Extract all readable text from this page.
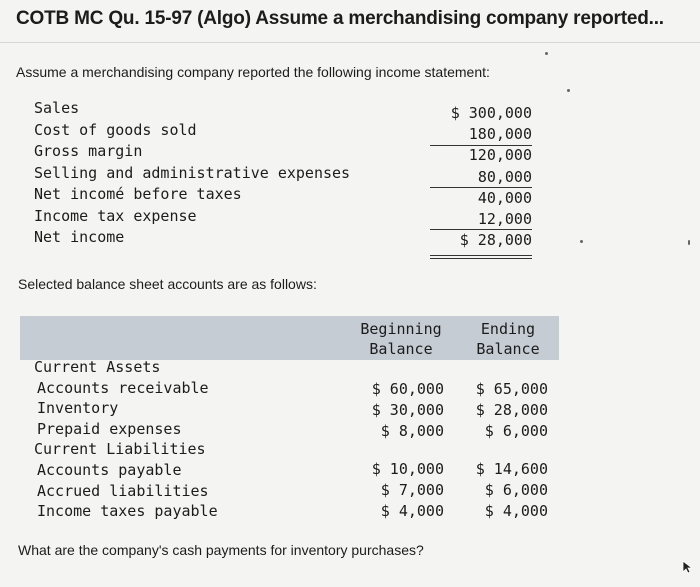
COTB MC Qu. 15-97 (Algo) Assume a merchandising company reported...
Assume a merchandising company reported the following income statement:
Sales
Cost of goods sold
Gross margin
Selling and administrative expenses
Net incomé before taxes
Income tax expense
Net income
$ 300,000
180,000
120,000
80,000
40,000
12,000
$ 28,000
Selected balance sheet accounts are as follows:
Beginning
Balance
Ending
Balance
Current Assets
Accounts receivable
Inventory
Prepaid expenses
Current Liabilities
Accounts payable
Accrued liabilities
Income taxes payable
$ 60,000
$ 30,000
$ 8,000
$ 10,000
$ 7,000
$ 4,000
$ 65,000
$ 28,000
$ 6,000
$ 14,600
$ 6,000
$ 4,000
What are the company's cash payments for inventory purchases?
